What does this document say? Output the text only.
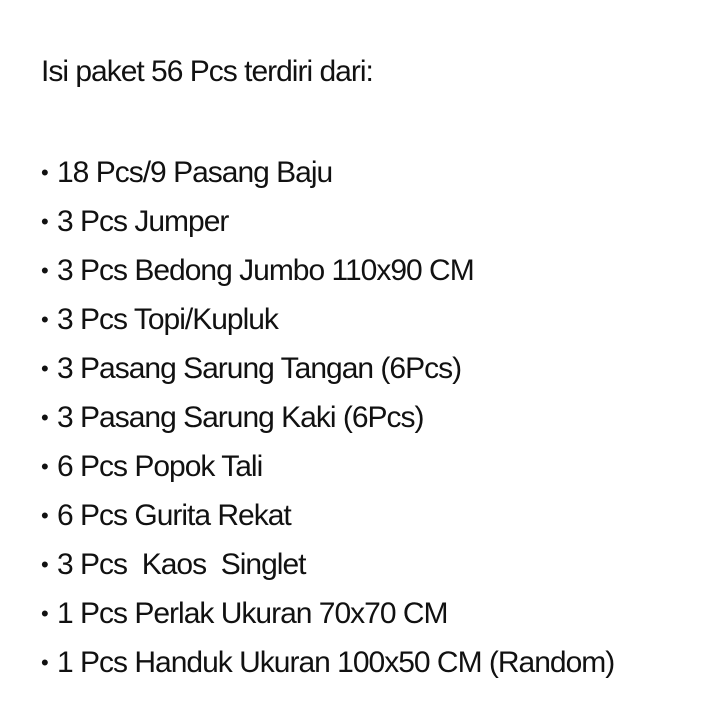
Isi paket 56 Pcs terdiri dari:
• 18 Pcs/9 Pasang Baju
• 3 Pcs Jumper
• 3 Pcs Bedong Jumbo 110x90 CM
• 3 Pcs Topi/Kupluk
• 3 Pasang Sarung Tangan (6Pcs)
• 3 Pasang Sarung Kaki (6Pcs)
• 6 Pcs Popok Tali
• 6 Pcs Gurita Rekat
• 3 Pcs  Kaos  Singlet
• 1 Pcs Perlak Ukuran 70x70 CM
• 1 Pcs Handuk Ukuran 100x50 CM (Random)
